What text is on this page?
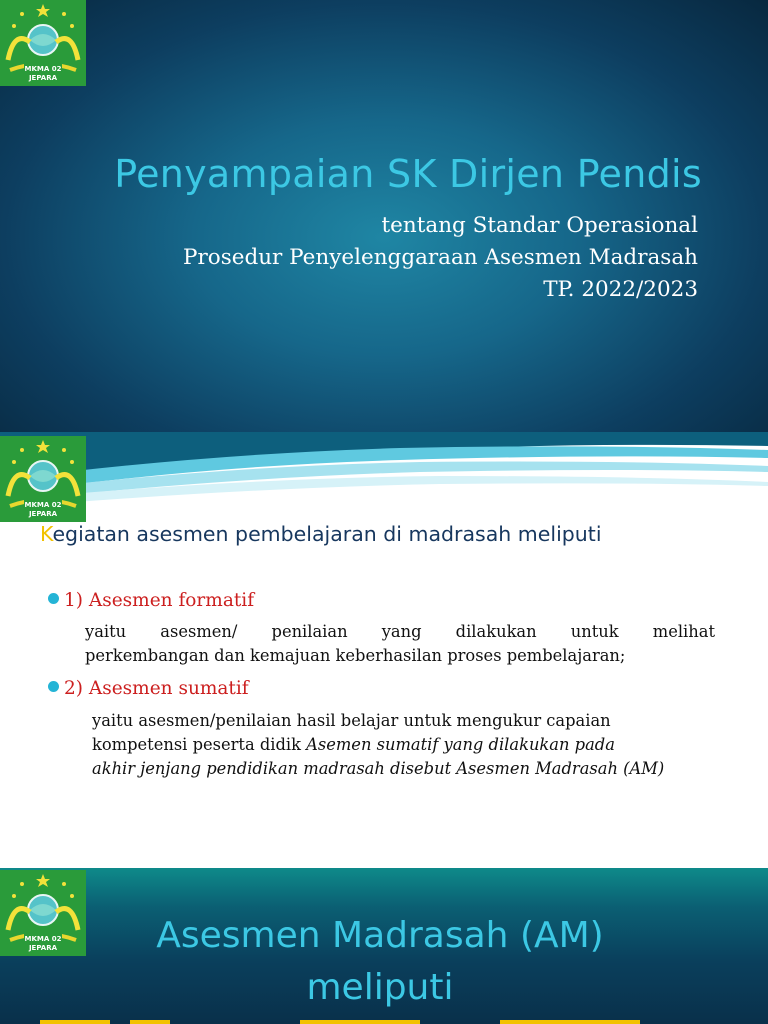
MKMA 02
JEPARA
Penyampaian SK Dirjen Pendis
tentang Standar Operasional
Prosedur Penyelenggaraan Asesmen Madrasah
TP. 2022/2023
MKMA 02
JEPARA
Kegiatan asesmen pembelajaran di madrasah meliputi
1) Asesmen formatif
yaitu asesmen/ penilaian yang dilakukan untuk melihat
perkembangan dan kemajuan keberhasilan proses pembelajaran;
2) Asesmen sumatif
yaitu asesmen/penilaian hasil belajar untuk mengukur capaian
kompetensi peserta didik Asemen sumatif yang dilakukan pada
akhir jenjang pendidikan madrasah disebut Asesmen Madrasah (AM)
MKMA 02
JEPARA	Asesmen Madrasah (AM)
meliputi
